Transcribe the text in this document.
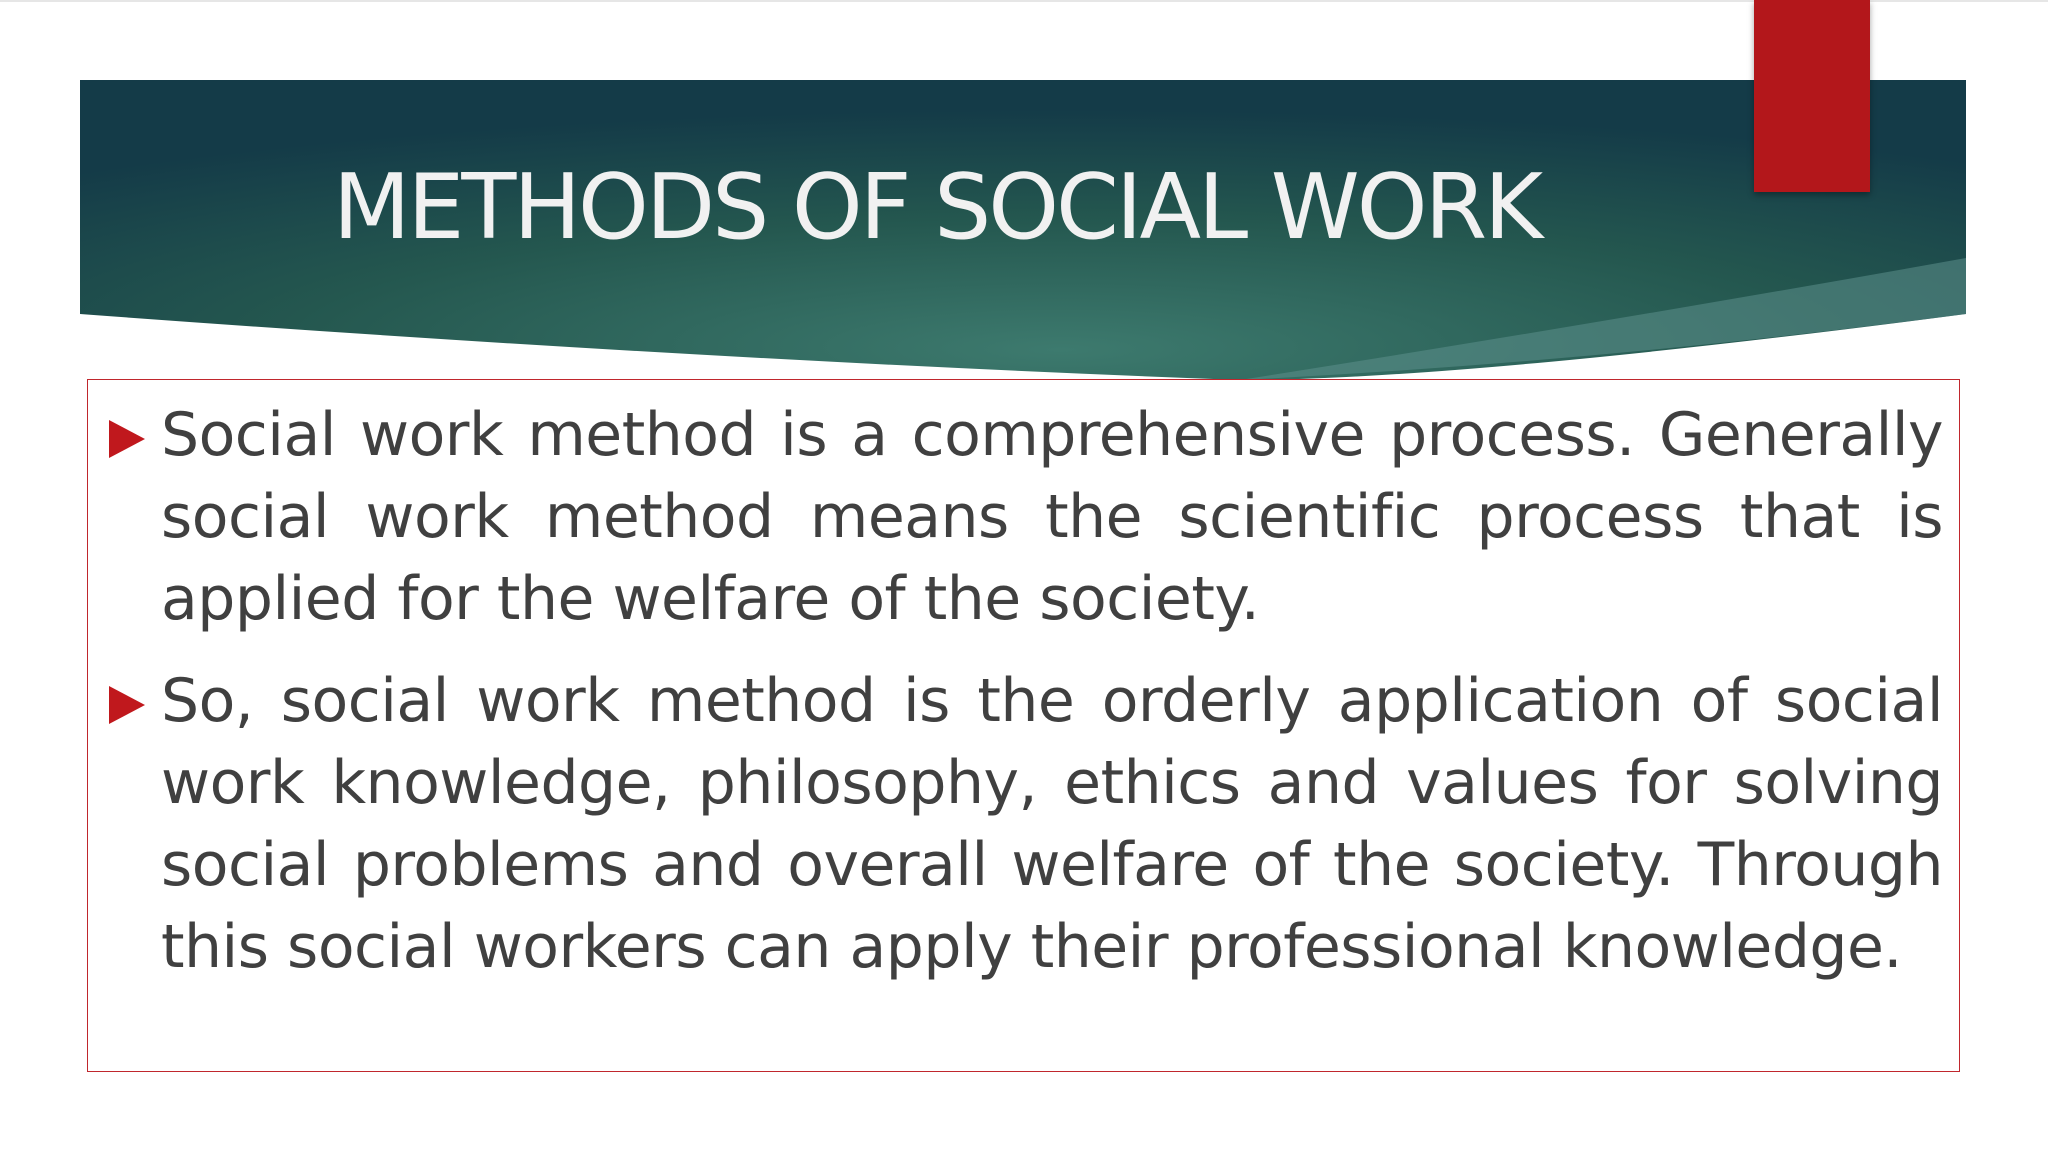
METHODS OF SOCIAL WORK
Social work method is a comprehensive process. Generally social work method means the scientific process that is applied for the welfare of the society.
So, social work method is the orderly application of social work knowledge, philosophy, ethics and values for solving social problems and overall welfare of the society. Through this social workers can apply their professional knowledge.
